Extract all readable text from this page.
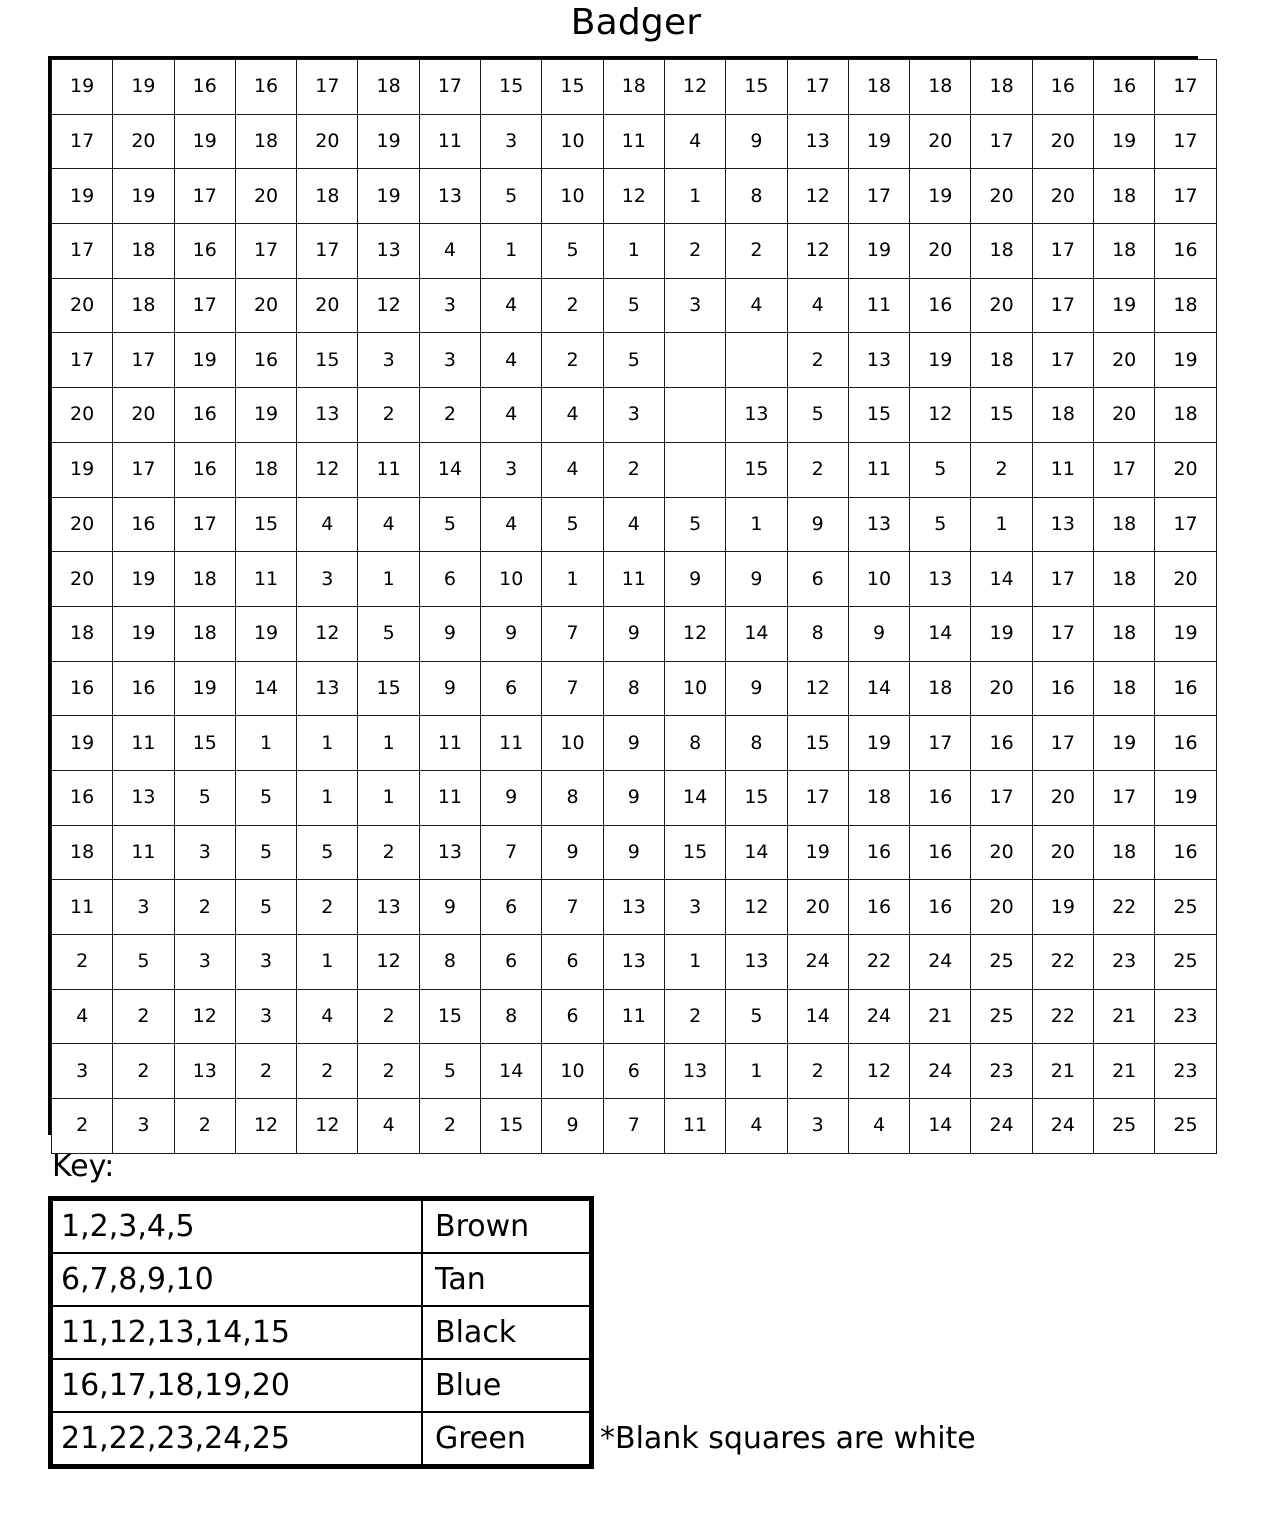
Badger
19	19	16	16	17	18	17	15	15	18	12	15	17	18	18	18	16	16	17
17	20	19	18	20	19	11	3	10	11	4	9	13	19	20	17	20	19	17
19	19	17	20	18	19	13	5	10	12	1	8	12	17	19	20	20	18	17
17	18	16	17	17	13	4	1	5	1	2	2	12	19	20	18	17	18	16
20	18	17	20	20	12	3	4	2	5	3	4	4	11	16	20	17	19	18
17	17	19	16	15	3	3	4	2	5			2	13	19	18	17	20	19
20	20	16	19	13	2	2	4	4	3		13	5	15	12	15	18	20	18
19	17	16	18	12	11	14	3	4	2		15	2	11	5	2	11	17	20
20	16	17	15	4	4	5	4	5	4	5	1	9	13	5	1	13	18	17
20	19	18	11	3	1	6	10	1	11	9	9	6	10	13	14	17	18	20
18	19	18	19	12	5	9	9	7	9	12	14	8	9	14	19	17	18	19
16	16	19	14	13	15	9	6	7	8	10	9	12	14	18	20	16	18	16
19	11	15	1	1	1	11	11	10	9	8	8	15	19	17	16	17	19	16
16	13	5	5	1	1	11	9	8	9	14	15	17	18	16	17	20	17	19
18	11	3	5	5	2	13	7	9	9	15	14	19	16	16	20	20	18	16
11	3	2	5	2	13	9	6	7	13	3	12	20	16	16	20	19	22	25
2	5	3	3	1	12	8	6	6	13	1	13	24	22	24	25	22	23	25
4	2	12	3	4	2	15	8	6	11	2	5	14	24	21	25	22	21	23
3	2	13	2	2	2	5	14	10	6	13	1	2	12	24	23	21	21	23
2	3	2	12	12	4	2	15	9	7	11	4	3	4	14	24	24	25	25
Key:
1,2,3,4,5	Brown
6,7,8,9,10	Tan
11,12,13,14,15	Black
16,17,18,19,20	Blue
21,22,23,24,25	Green *Blank squares are white
